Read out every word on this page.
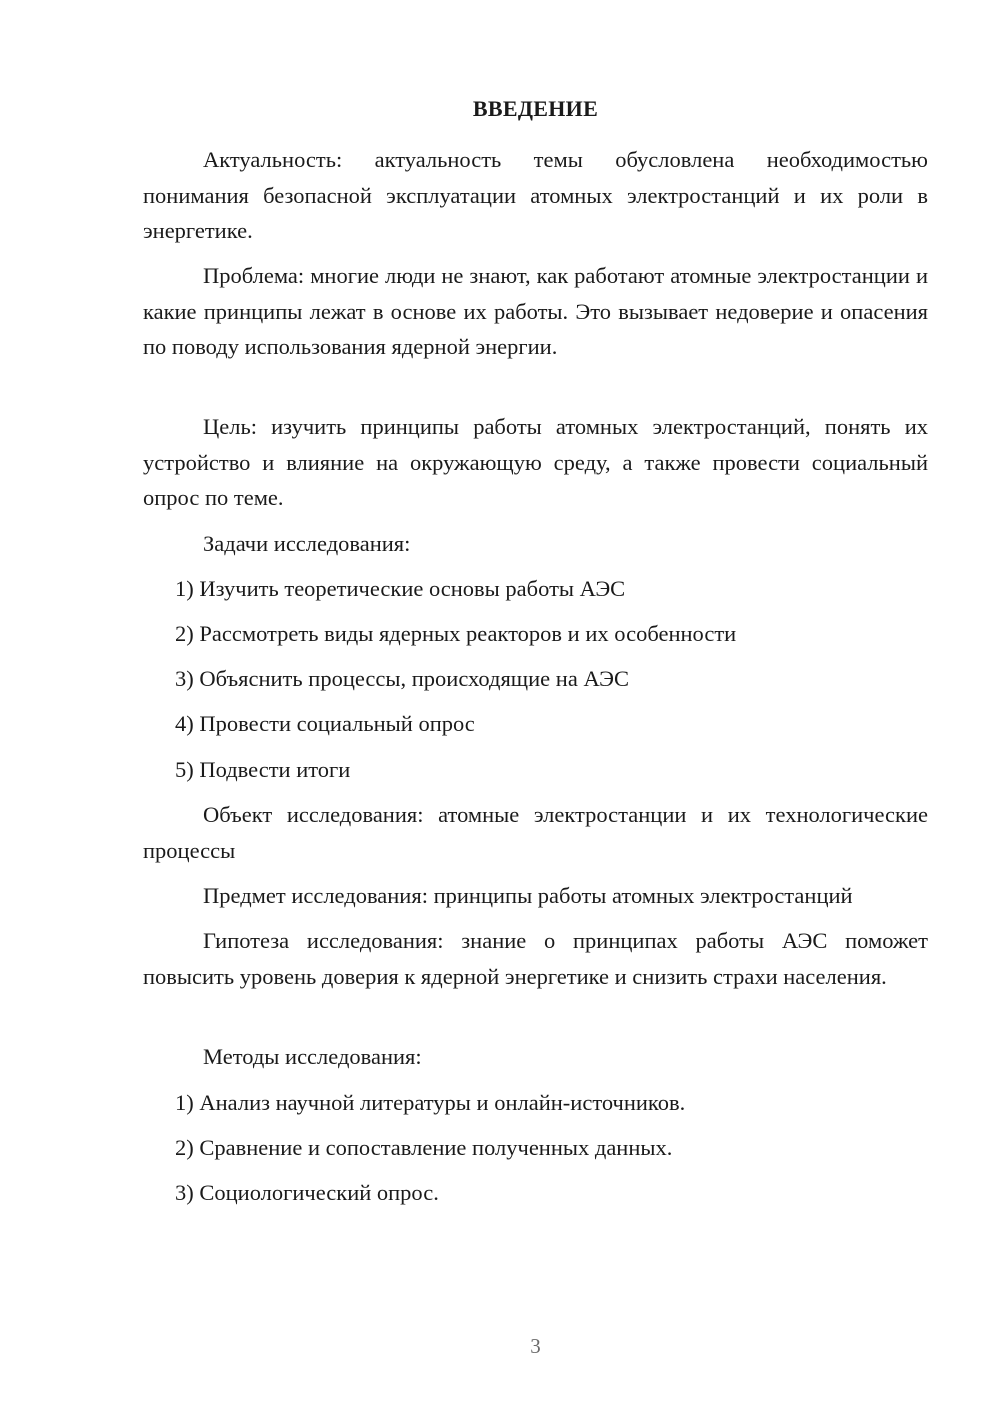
ВВЕДЕНИЕ

Актуальность: актуальность темы обусловлена необходимостью понимания безопасной эксплуатации атомных электростанций и их роли в энергетике.

Проблема: многие люди не знают, как работают атомные электростанции и какие принципы лежат в основе их работы. Это вызывает недоверие и опасения по поводу использования ядерной энергии.

Цель: изучить принципы работы атомных электростанций, понять их устройство и влияние на окружающую среду, а также провести социальный опрос по теме.

Задачи исследования:

1) Изучить теоретические основы работы АЭС
2) Рассмотреть виды ядерных реакторов и их особенности
3) Объяснить процессы, происходящие на АЭС
4) Провести социальный опрос
5) Подвести итоги

Объект исследования: атомные электростанции и их технологические процессы

Предмет исследования: принципы работы атомных электростанций

Гипотеза исследования: знание о принципах работы АЭС поможет повысить уровень доверия к ядерной энергетике и снизить страхи населения.

Методы исследования:

1) Анализ научной литературы и онлайн-источников.
2) Сравнение и сопоставление полученных данных.
3) Социологический опрос.
3
